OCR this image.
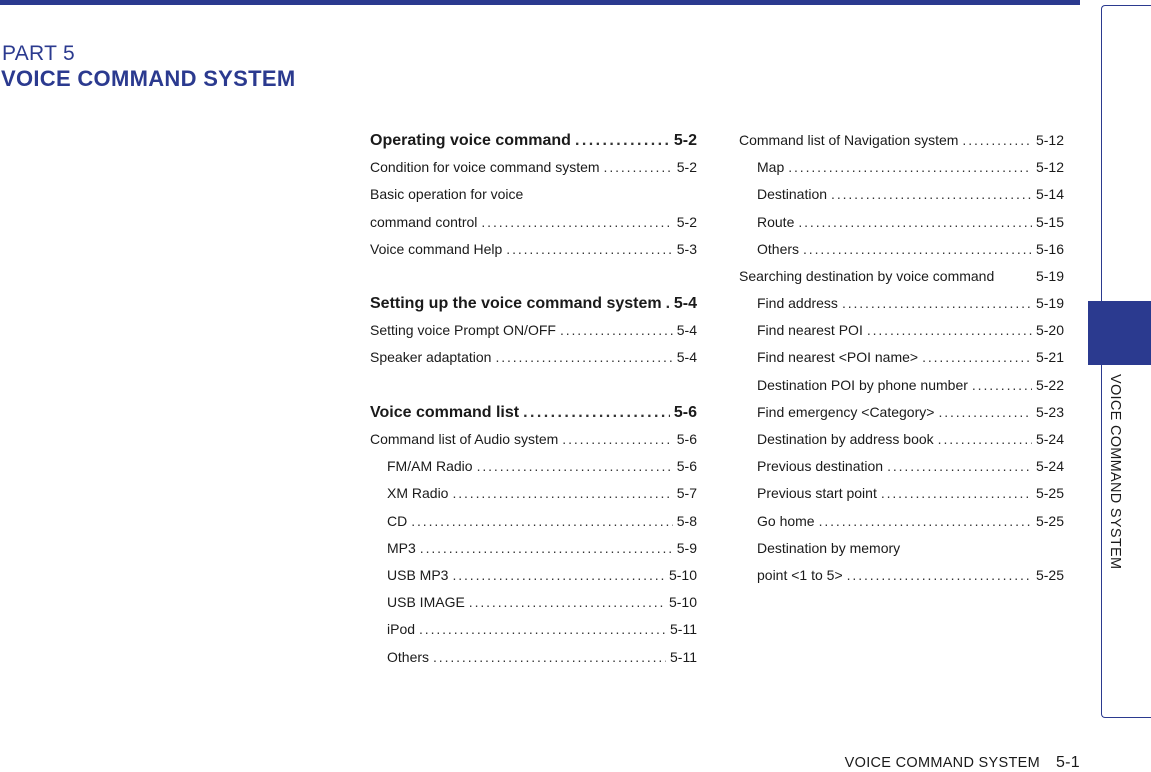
PART 5
VOICE COMMAND SYSTEM
Operating voice command . . .	5-2
Condition for voice command system . . .	5-2
Basic operation for voice
command control . . .	5-2
Voice command Help . . .	5-3
Setting up the voice command system . . . 5-4
Setting voice Prompt ON/OFF . . .	5-4
Speaker adaptation . . .	5-4
Voice command list . . .	5-6
Command list of Audio system . . .	5-6
FM/AM Radio . . .	5-6
XM Radio . . .	5-7
CD . . .	5-8
MP3 . . .	5-9
USB MP3 . . .	5-10
USB IMAGE . . .	5-10
iPod . . .	5-11
Others . . .	5-11
Command list of Navigation system . . .	5-12
Map . . .	5-12
Destination . . .	5-14
Route . . .	5-15
Others . . .	5-16
Searching destination by voice command	5-19
Find address . . .	5-19
Find nearest POI . . .	5-20
Find nearest <POI name> . . .	5-21
Destination POI by phone number . . .	5-22
Find emergency <Category> . . .	5-23
Destination by address book . . .	5-24
Previous destination . . .	5-24
Previous start point . . .	5-25
Go home . . .	5-25
Destination by memory
point <1 to 5> . . .	5-25
VOICE COMMAND SYSTEM
VOICE COMMAND SYSTEM 5-1
